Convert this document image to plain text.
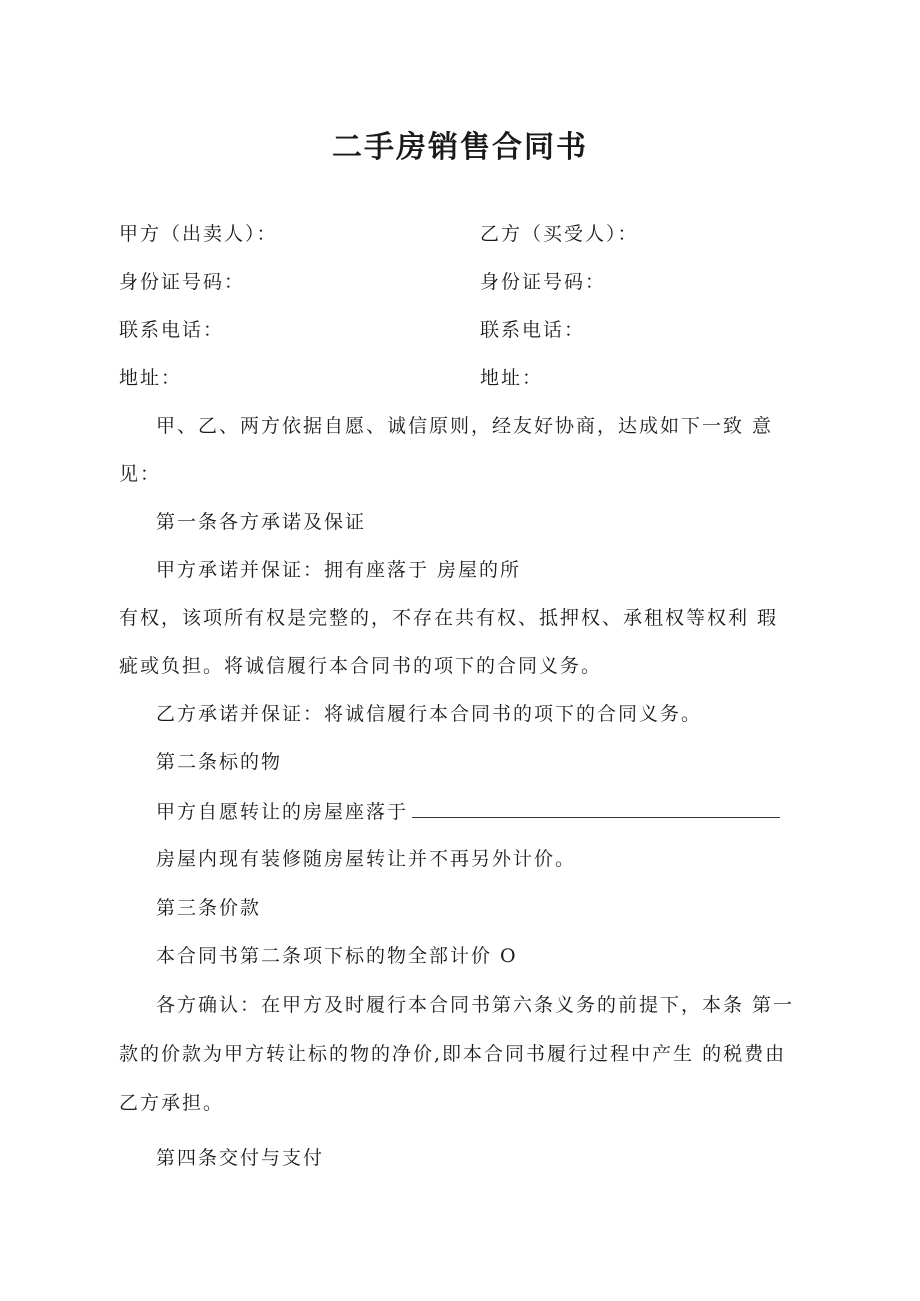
二手房销售合同书
甲方（出卖人）：	乙方（买受人）：
身份证号码：	身份证号码：
联系电话：	联系电话：
地址：	地址：
甲、乙、两方依据自愿、诚信原则，经友好协商，达成如下一致 意
见：
第一条各方承诺及保证
甲方承诺并保证：拥有座落于 房屋的所
有权，该项所有权是完整的，不存在共有权、抵押权、承租权等权利 瑕
疵或负担。将诚信履行本合同书的项下的合同义务。
乙方承诺并保证：将诚信履行本合同书的项下的合同义务。
第二条标的物
甲方自愿转让的房屋座落于
房屋内现有装修随房屋转让并不再另外计价。
第三条价款
本合同书第二条项下标的物全部计价 O
各方确认：在甲方及时履行本合同书第六条义务的前提下，本条 第一
款的价款为甲方转让标的物的净价,即本合同书履行过程中产生 的税费由
乙方承担。
第四条交付与支付
